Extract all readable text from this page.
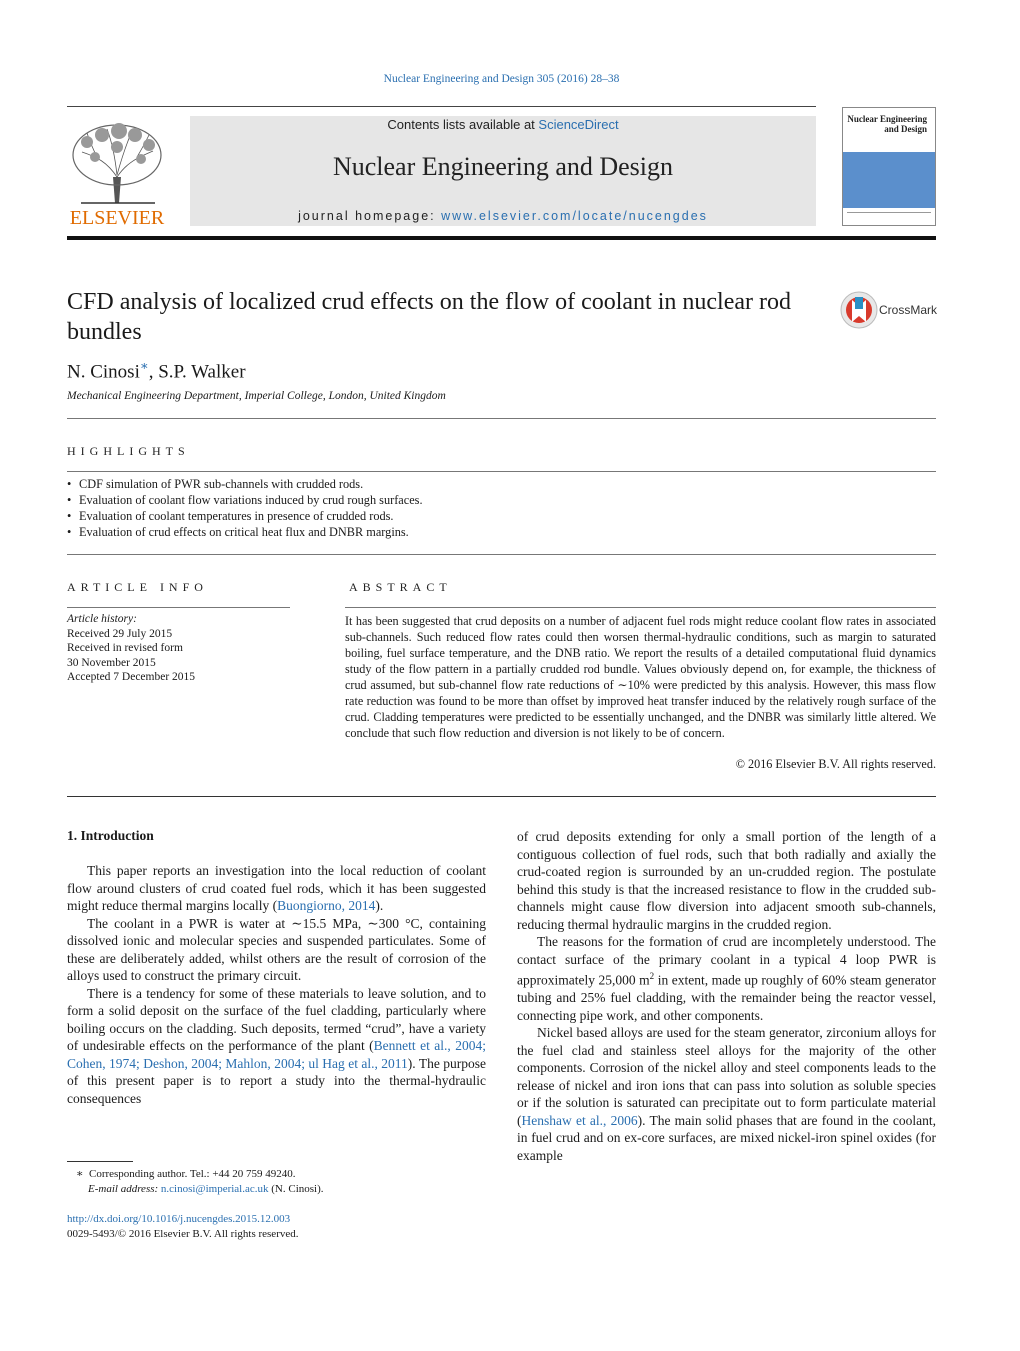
Nuclear Engineering and Design 305 (2016) 28–38
ELSEVIER
Contents lists available at ScienceDirect
Nuclear Engineering and Design
journal homepage: www.elsevier.com/locate/nucengdes
Nuclear Engineering
and Design
CFD analysis of localized crud effects on the flow of coolant in nuclear rod bundles
CrossMark
N. Cinosi∗, S.P. Walker
Mechanical Engineering Department, Imperial College, London, United Kingdom
HIGHLIGHTS
• CDF simulation of PWR sub-channels with crudded rods.
• Evaluation of coolant flow variations induced by crud rough surfaces.
• Evaluation of coolant temperatures in presence of crudded rods.
• Evaluation of crud effects on critical heat flux and DNBR margins.
ARTICLE INFO
Article history:
Received 29 July 2015
Received in revised form
30 November 2015
Accepted 7 December 2015
ABSTRACT
It has been suggested that crud deposits on a number of adjacent fuel rods might reduce coolant flow rates in associated sub-channels. Such reduced flow rates could then worsen thermal-hydraulic conditions, such as margin to saturated boiling, fuel surface temperature, and the DNB ratio. We report the results of a detailed computational fluid dynamics study of the flow pattern in a partially crudded rod bundle. Values obviously depend on, for example, the thickness of crud assumed, but sub-channel flow rate reductions of ∼10% were predicted by this analysis. However, this mass flow rate reduction was found to be more than offset by improved heat transfer induced by the relatively rough surface of the crud. Cladding temperatures were predicted to be essentially unchanged, and the DNBR was similarly little altered. We conclude that such flow reduction and diversion is not likely to be of concern.
© 2016 Elsevier B.V. All rights reserved.
1. Introduction

This paper reports an investigation into the local reduction of coolant flow around clusters of crud coated fuel rods, which it has been suggested might reduce thermal margins locally (Buongiorno, 2014).

The coolant in a PWR is water at ∼15.5 MPa, ∼300 °C, containing dissolved ionic and molecular species and suspended particulates. Some of these are deliberately added, whilst others are the result of corrosion of the alloys used to construct the primary circuit.

There is a tendency for some of these materials to leave solution, and to form a solid deposit on the surface of the fuel cladding, particularly where boiling occurs on the cladding. Such deposits, termed “crud”, have a variety of undesirable effects on the performance of the plant (Bennett et al., 2004; Cohen, 1974; Deshon, 2004; Mahlon, 2004; ul Hag et al., 2011). The purpose of this present paper is to report a study into the thermal-hydraulic consequences

of crud deposits extending for only a small portion of the length of a contiguous collection of fuel rods, such that both radially and axially the crud-coated region is surrounded by an un-crudded region. The postulate behind this study is that the increased resistance to flow in the crudded sub-channels might cause flow diversion into adjacent smooth sub-channels, reducing thermal hydraulic margins in the crudded region.

The reasons for the formation of crud are incompletely understood. The contact surface of the primary coolant in a typical 4 loop PWR is approximately 25,000 $m^2$ in extent, made up roughly of 60% steam generator tubing and 25% fuel cladding, with the remainder being the reactor vessel, connecting pipe work, and other components.

Nickel based alloys are used for the steam generator, zirconium alloys for the fuel clad and stainless steel alloys for the majority of the other components. Corrosion of the nickel alloy and steel components leads to the release of nickel and iron ions that can pass into solution as soluble species or if the solution is saturated can precipitate out to form particulate material (Henshaw et al., 2006). The main solid phases that are found in the coolant, in fuel crud and on ex-core surfaces, are mixed nickel-iron spinel oxides (for example

∗ Corresponding author. Tel.: +44 20 759 49240.
E-mail address: n.cinosi@imperial.ac.uk (N. Cinosi).
http://dx.doi.org/10.1016/j.nucengdes.2015.12.003
0029-5493/© 2016 Elsevier B.V. All rights reserved.
